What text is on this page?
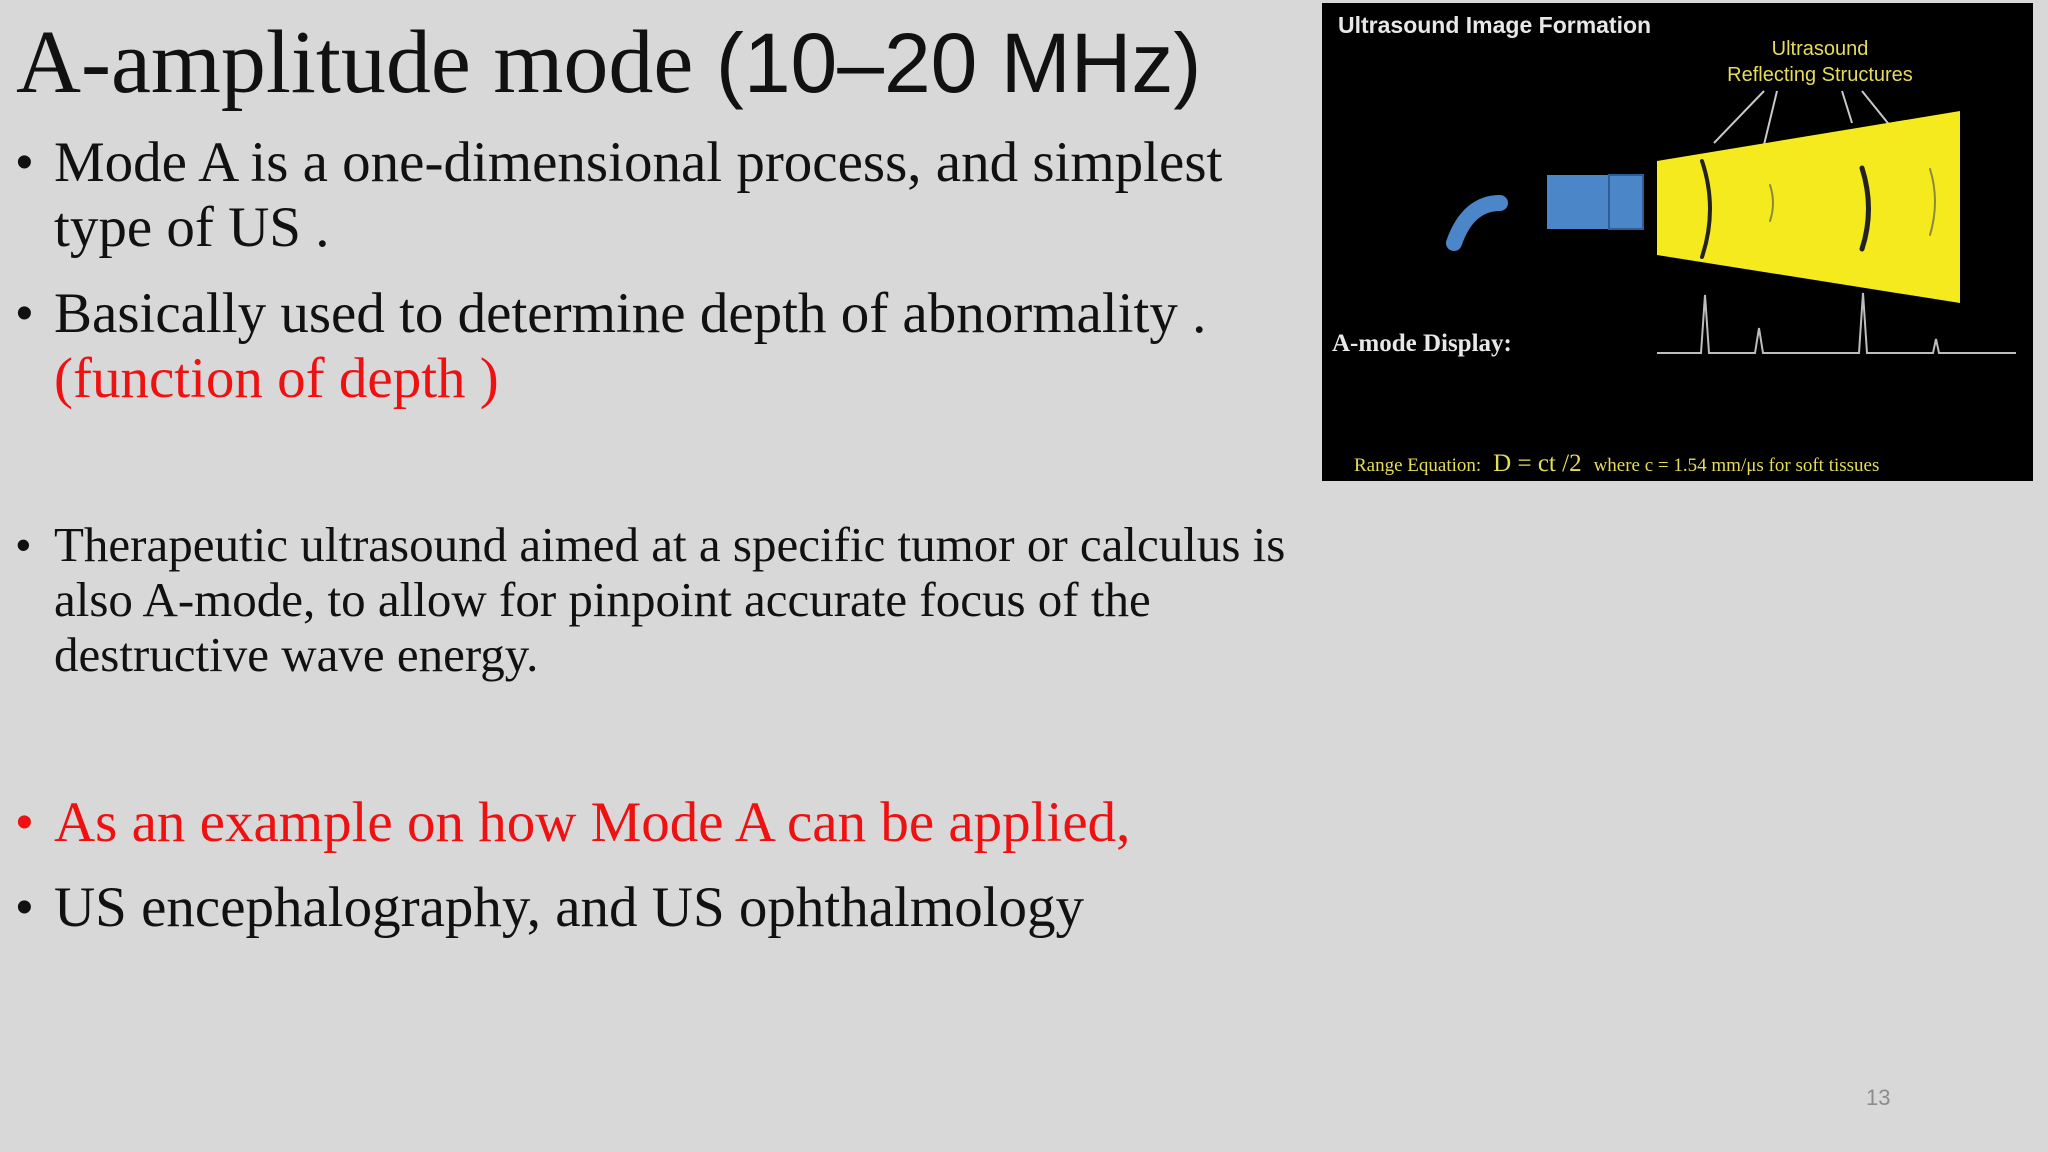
A-amplitude mode (10–20 MHz)
• Mode A is a one-dimensional process, and simplest
type of US .
• Basically used to determine depth of abnormality .
(function of depth )
• Therapeutic ultrasound aimed at a specific tumor or calculus is
also A-mode, to allow for pinpoint accurate focus of the
destructive wave energy.
• As an example on how Mode A can be applied,
• US encephalography, and US ophthalmology
Ultrasound Image Formation
Ultrasound
Reflecting Structures
A-mode Display:
Range Equation: D = ct /2 where c = 1.54 mm/μs for soft tissues
13
